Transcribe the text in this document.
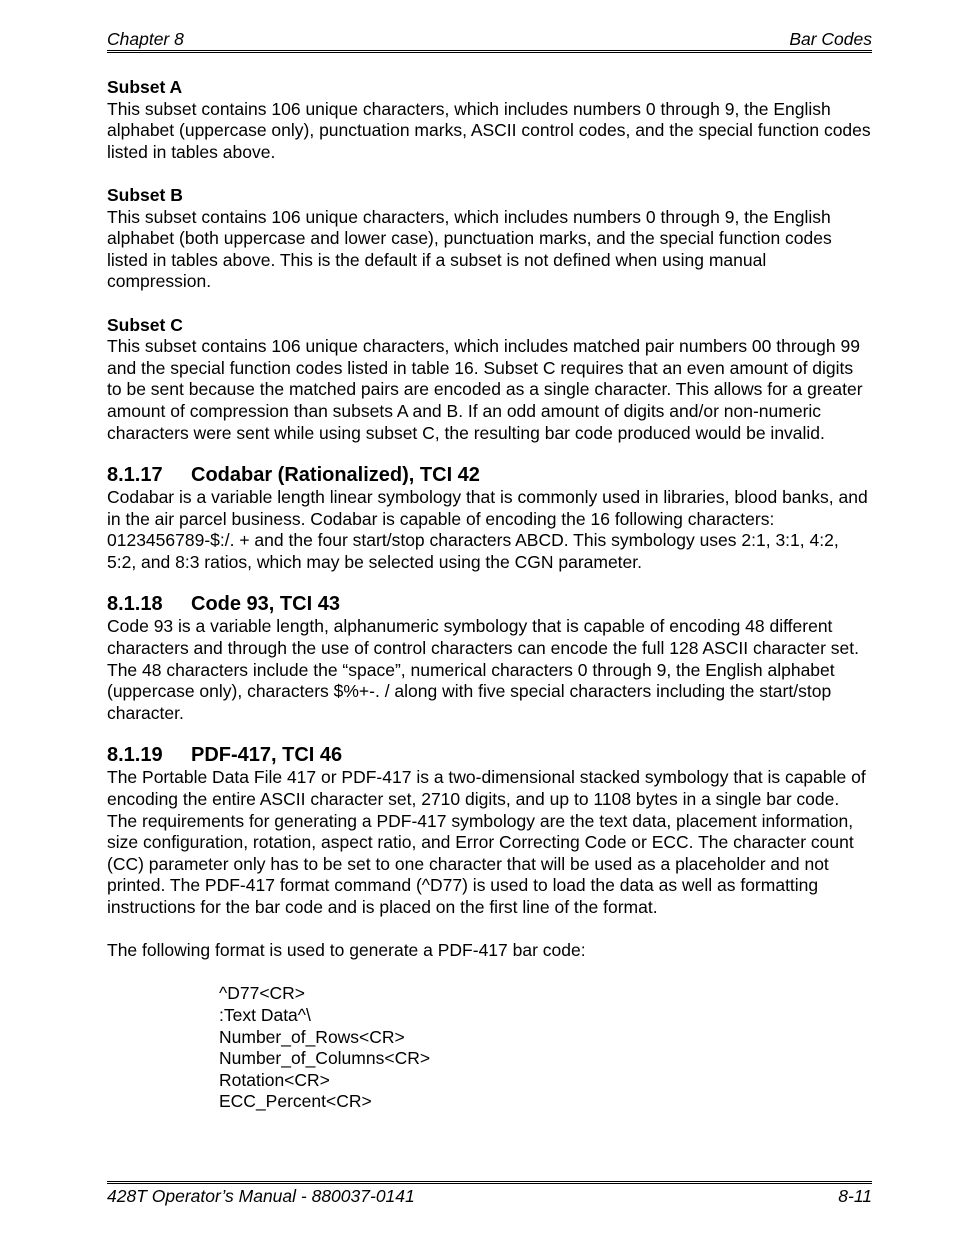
Chapter 8	Bar Codes

Subset A

This subset contains 106 unique characters, which includes numbers 0 through 9, the English alphabet (uppercase only), punctuation marks, ASCII control codes, and the special function codes listed in tables above.

Subset B

This subset contains 106 unique characters, which includes numbers 0 through 9, the English alphabet (both uppercase and lower case), punctuation marks, and the special function codes listed in tables above. This is the default if a subset is not defined when using manual compression.

Subset C

This subset contains 106 unique characters, which includes matched pair numbers 00 through 99 and the special function codes listed in table 16. Subset C requires that an even amount of digits to be sent because the matched pairs are encoded as a single character. This allows for a greater amount of compression than subsets A and B. If an odd amount of digits and/or non-numeric characters were sent while using subset C, the resulting bar code produced would be invalid.

8.1.17 Codabar (Rationalized), TCI 42

Codabar is a variable length linear symbology that is commonly used in libraries, blood banks, and in the air parcel business. Codabar is capable of encoding the 16 following characters: 0123456789-$:/. + and the four start/stop characters ABCD. This symbology uses 2:1, 3:1, 4:2, 5:2, and 8:3 ratios, which may be selected using the CGN parameter.

8.1.18 Code 93, TCI 43

Code 93 is a variable length, alphanumeric symbology that is capable of encoding 48 different characters and through the use of control characters can encode the full 128 ASCII character set. The 48 characters include the “space”, numerical characters 0 through 9, the English alphabet (uppercase only), characters $%+-. / along with five special characters including the start/stop character.

8.1.19 PDF-417, TCI 46

The Portable Data File 417 or PDF-417 is a two-dimensional stacked symbology that is capable of encoding the entire ASCII character set, 2710 digits, and up to 1108 bytes in a single bar code. The requirements for generating a PDF-417 symbology are the text data, placement information, size configuration, rotation, aspect ratio, and Error Correcting Code or ECC. The character count (CC) parameter only has to be set to one character that will be used as a placeholder and not printed. The PDF-417 format command (^D77) is used to load the data as well as formatting instructions for the bar code and is placed on the first line of the format.

The following format is used to generate a PDF-417 bar code:

^D77<CR>
:Text Data^\
Number_of_Rows<CR>
Number_of_Columns<CR>
Rotation<CR>
ECC_Percent<CR>
428T Operator’s Manual - 880037-0141	8-11
